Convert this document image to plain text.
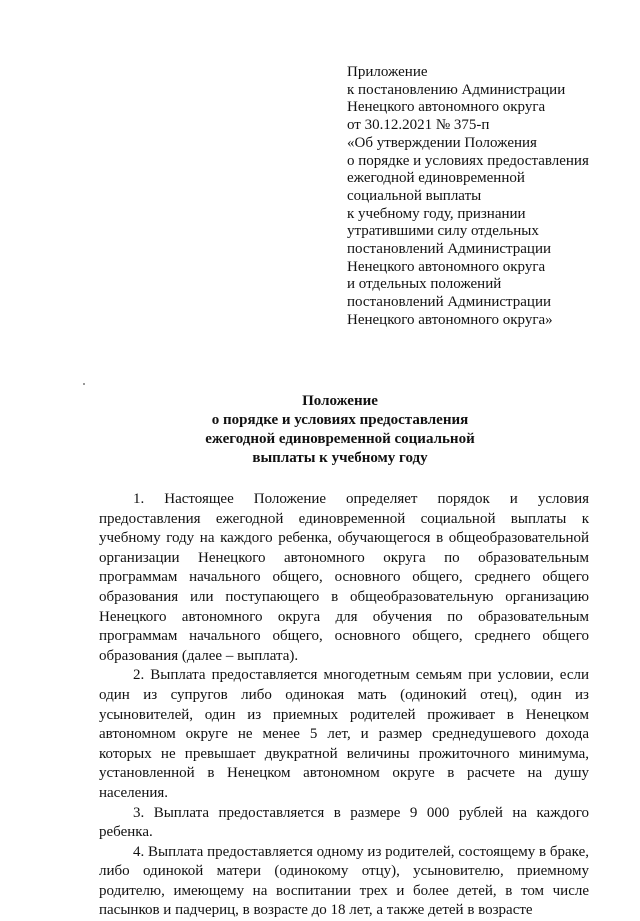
Приложение
к постановлению Администрации
Ненецкого автономного округа
от 30.12.2021 № 375-п
«Об утверждении Положения
о порядке и условиях предоставления
ежегодной единовременной
социальной выплаты
к учебному году, признании
утратившими силу отдельных
постановлений Администрации
Ненецкого автономного округа
и отдельных положений
постановлений Администрации
Ненецкого автономного округа»
Положение
о порядке и условиях предоставления
ежегодной единовременной социальной
выплаты к учебному году

1. Настоящее Положение определяет порядок и условия предоставления ежегодной единовременной социальной выплаты к учебному году на каждого ребенка, обучающегося в общеобразовательной организации Ненецкого автономного округа по образовательным программам начального общего, основного общего, среднего общего образования или поступающего в общеобразовательную организацию Ненецкого автономного округа для обучения по образовательным программам начального общего, основного общего, среднего общего образования (далее – выплата).

2. Выплата предоставляется многодетным семьям при условии, если один из супругов либо одинокая мать (одинокий отец), один из усыновителей, один из приемных родителей проживает в Ненецком автономном округе не менее 5 лет, и размер среднедушевого дохода которых не превышает двукратной величины прожиточного минимума, установленной в Ненецком автономном округе в расчете на душу населения.

3. Выплата предоставляется в размере 9 000 рублей на каждого ребенка.

4. Выплата предоставляется одному из родителей, состоящему в браке, либо одинокой матери (одинокому отцу), усыновителю, приемному родителю, имеющему на воспитании трех и более детей, в том числе пасынков и падчериц, в возрасте до 18 лет, а также детей в возрасте
